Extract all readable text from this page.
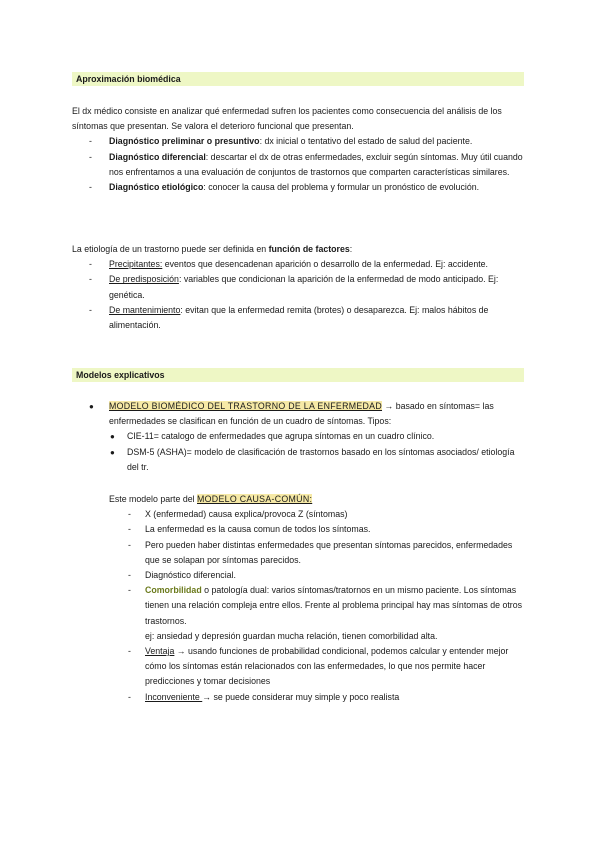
Aproximación biomédica

El dx médico consiste en analizar qué enfermedad sufren los pacientes como consecuencia del análisis de los síntomas que presentan. Se valora el deterioro funcional que presentan.

- Diagnóstico preliminar o presuntivo: dx inicial o tentativo del estado de salud del paciente.
- Diagnóstico diferencial: descartar el dx de otras enfermedades, excluir según síntomas. Muy útil cuando nos enfrentamos a una evaluación de conjuntos de trastornos que comparten características similares.
- Diagnóstico etiológico: conocer la causa del problema y formular un pronóstico de evolución.

La etiología de un trastorno puede ser definida en función de factores:

- Precipitantes: eventos que desencadenan aparición o desarrollo de la enfermedad. Ej: accidente.
- De predisposición: variables que condicionan la aparición de la enfermedad de modo anticipado. Ej: genética.
- De mantenimiento: evitan que la enfermedad remita (brotes) o desaparezca. Ej: malos hábitos de alimentación.
Modelos explicativos
● MODELO BIOMÉDICO DEL TRASTORNO DE LA ENFERMEDAD → basado en síntomas= las enfermedades se clasifican en función de un cuadro de síntomas. Tipos:
● CIE-11= catalogo de enfermedades que agrupa síntomas en un cuadro clínico.
● DSM-5 (ASHA)= modelo de clasificación de trastornos basado en los síntomas asociados/ etiología del tr.

Este modelo parte del MODELO CAUSA-COMÚN:

- X (enfermedad) causa explica/provoca Z (síntomas)
- La enfermedad es la causa comun de todos los síntomas.
- Pero pueden haber distintas enfermedades que presentan síntomas parecidos, enfermedades que se solapan por síntomas parecidos.
- Diagnóstico diferencial.
- Comorbilidad o patología dual: varios síntomas/tratornos en un mismo paciente. Los síntomas tienen una relación compleja entre ellos. Frente al problema principal hay mas síntomas de otros trastornos.
ej: ansiedad y depresión guardan mucha relación, tienen comorbilidad alta.
- Ventaja → usando funciones de probabilidad condicional, podemos calcular y entender mejor cómo los síntomas están relacionados con las enfermedades, lo que nos permite hacer predicciones y tomar decisiones
- Inconveniente → se puede considerar muy simple y poco realista
